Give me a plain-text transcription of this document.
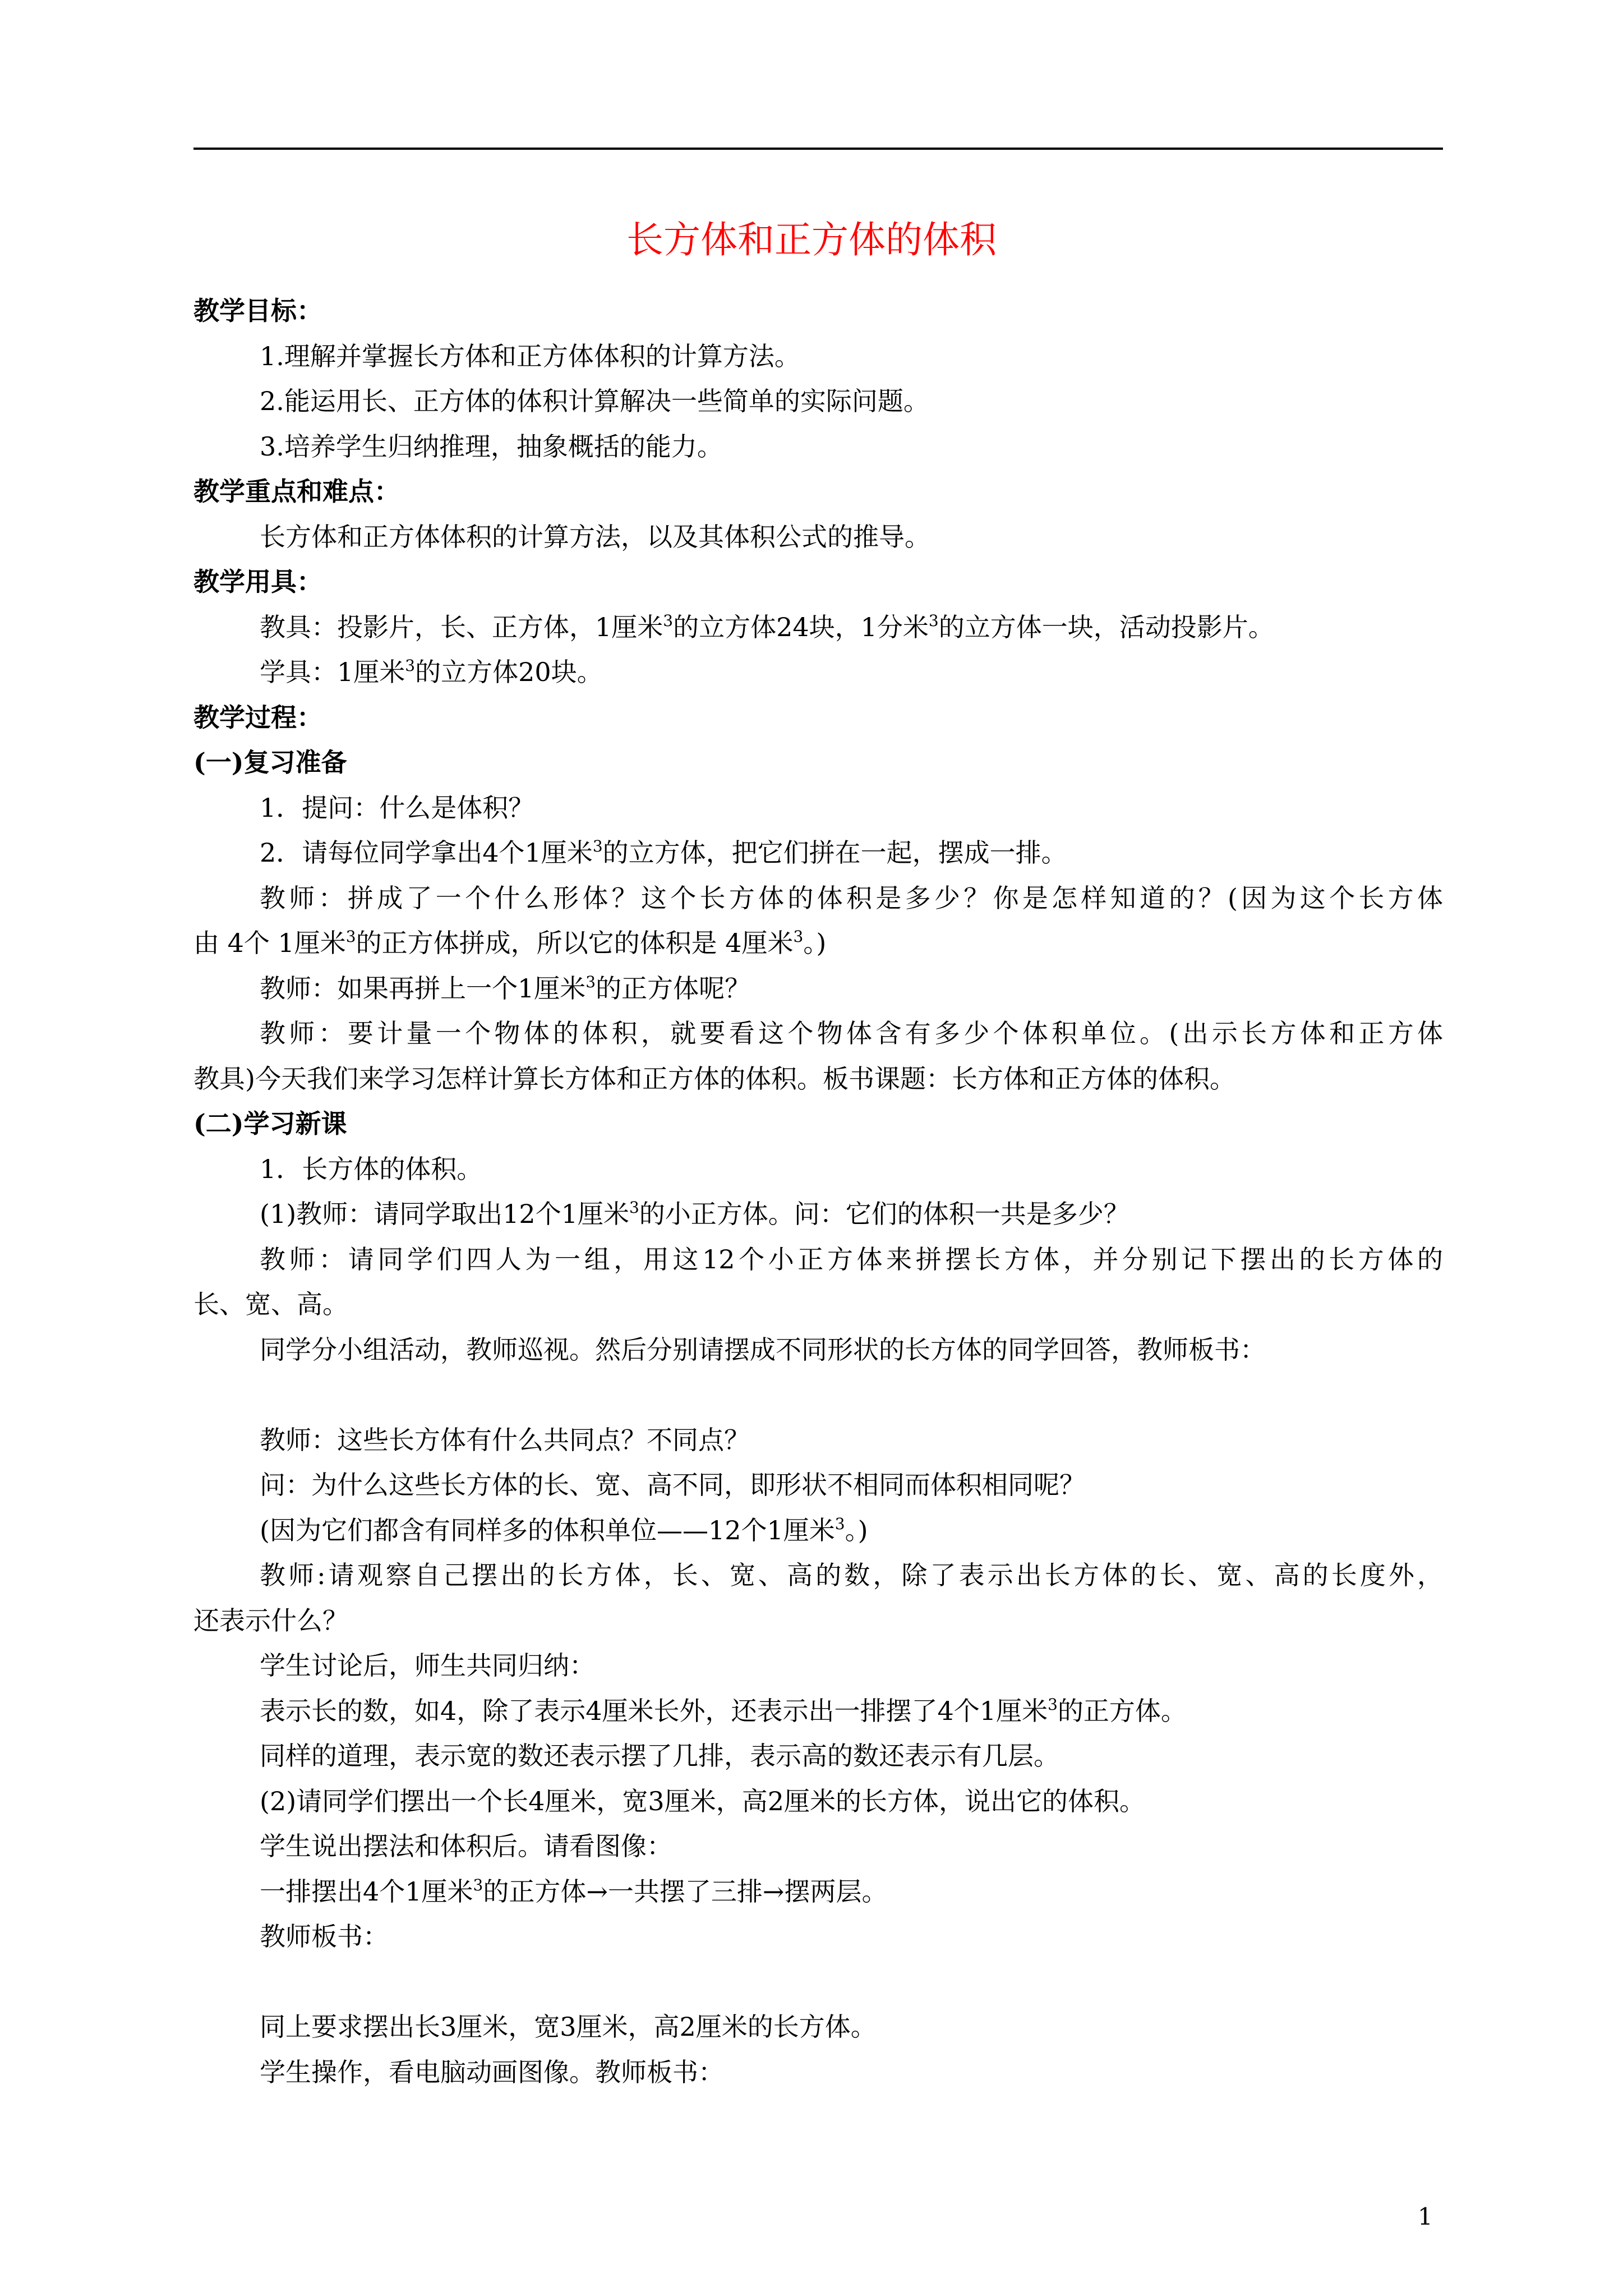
长方体和正方体的体积
教学目标：
1.理解并掌握长方体和正方体体积的计算方法。
2.能运用长、正方体的体积计算解决一些简单的实际问题。
3.培养学生归纳推理，抽象概括的能力。
教学重点和难点：
长方体和正方体体积的计算方法，以及其体积公式的推导。
教学用具：
教具：投影片，长、正方体，1厘米$^3$的立方体24块，1分米$^3$的立方体一块，活动投影片。
学具：1厘米$^3$的立方体20块。
教学过程：
(一)复习准备
1．提问：什么是体积？
2．请每位同学拿出4个1厘米$^3$的立方体，把它们拼在一起，摆成一排。
教师：拼成了一个什么形体？这个长方体的体积是多少？你是怎样知道的？(因为这个长方体
由 4个 1厘米$^3$的正方体拼成，所以它的体积是 4厘米$^3$。)
教师：如果再拼上一个1厘米$^3$的正方体呢？
教师：要计量一个物体的体积，就要看这个物体含有多少个体积单位。(出示长方体和正方体
教具)今天我们来学习怎样计算长方体和正方体的体积。板书课题：长方体和正方体的体积。
(二)学习新课
1．长方体的体积。
(1)教师：请同学取出12个1厘米$^3$的小正方体。问：它们的体积一共是多少？
教师：请同学们四人为一组，用这12个小正方体来拼摆长方体，并分别记下摆出的长方体的
长、宽、高。
同学分小组活动，教师巡视。然后分别请摆成不同形状的长方体的同学回答，教师板书：
教师：这些长方体有什么共同点？不同点？
问：为什么这些长方体的长、宽、高不同，即形状不相同而体积相同呢？
(因为它们都含有同样多的体积单位——12个1厘米$^3$。)
教师:请观察自己摆出的长方体，长、宽、高的数，除了表示出长方体的长、宽、高的长度外，
还表示什么？
学生讨论后，师生共同归纳：
表示长的数，如4，除了表示4厘米长外，还表示出一排摆了4个1厘米$^3$的正方体。
同样的道理，表示宽的数还表示摆了几排，表示高的数还表示有几层。
(2)请同学们摆出一个长4厘米，宽3厘米，高2厘米的长方体，说出它的体积。
学生说出摆法和体积后。请看图像：
一排摆出4个1厘米$^3$的正方体→一共摆了三排→摆两层。
教师板书：
同上要求摆出长3厘米，宽3厘米，高2厘米的长方体。
学生操作，看电脑动画图像。教师板书：
1
